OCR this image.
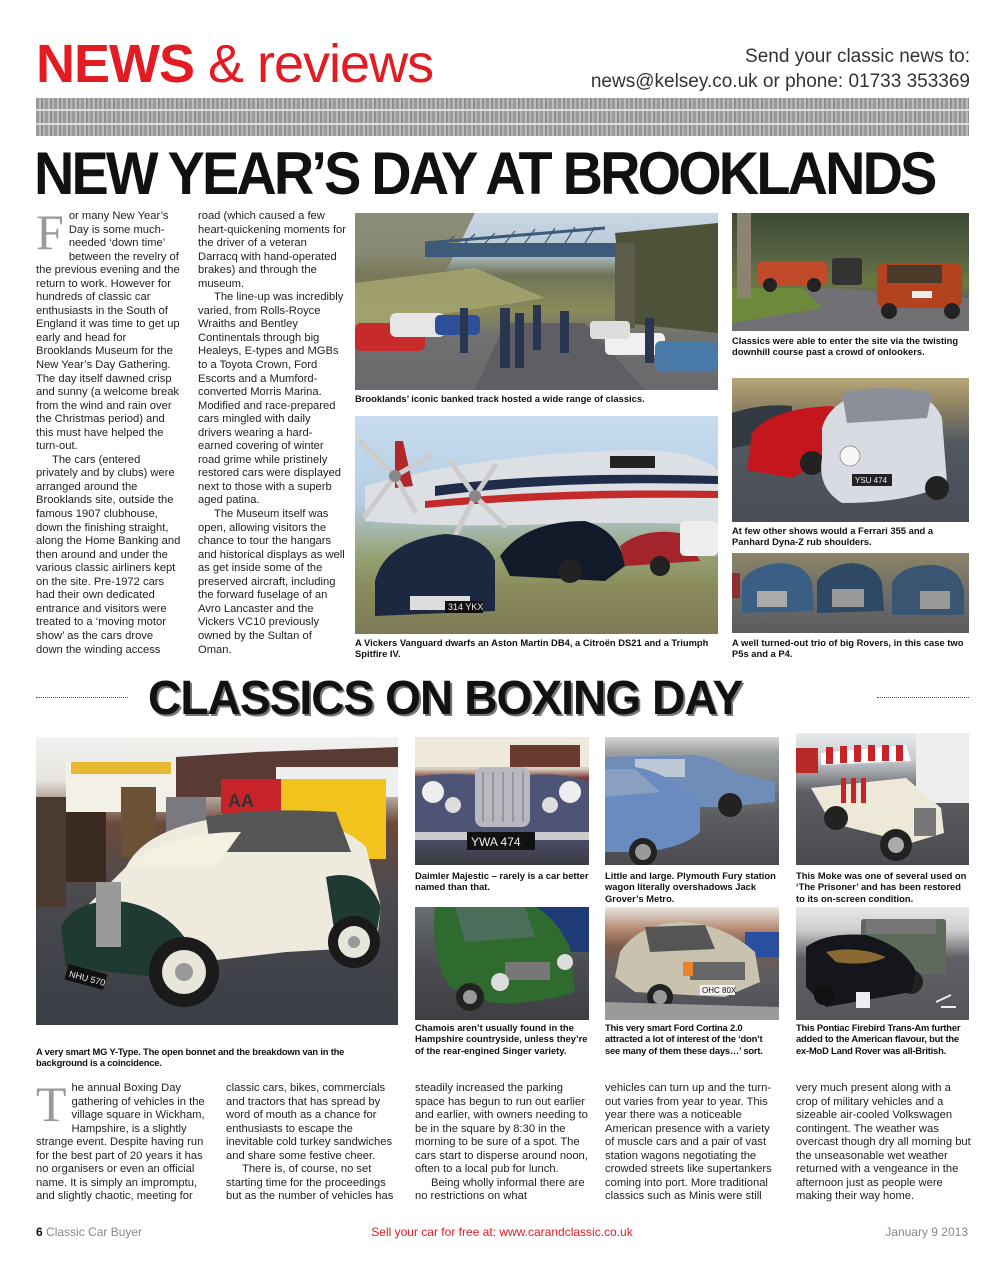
NEWS & reviews	Send your classic news to:
news@kelsey.co.uk or phone: 01733 353369
NEW YEAR’S DAY AT BROOKLANDS
F or many New Year’s Day is some much-needed ‘down time’ between the revelry of the previous evening and the return to work. However for hundreds of classic car enthusiasts in the South of England it was time to get up early and head for Brooklands Museum for the New Year’s Day Gathering. The day itself dawned crisp and sunny (a welcome break from the wind and rain over the Christmas period) and this must have helped the turn-out.

The cars (entered privately and by clubs) were arranged around the Brooklands site, outside the famous 1907 clubhouse, down the finishing straight, along the Home Banking and then around and under the various classic airliners kept on the site. Pre-1972 cars had their own dedicated entrance and visitors were treated to a ‘moving motor show’ as the cars drove down the winding access

road (which caused a few heart-quickening moments for the driver of a veteran Darracq with hand-operated brakes) and through the museum.

The line-up was incredibly varied, from Rolls-Royce Wraiths and Bentley Continentals through big Healeys, E-types and MGBs to a Toyota Crown, Ford Escorts and a Mumford-converted Morris Marina. Modified and race-prepared cars mingled with daily drivers wearing a hard-earned covering of winter road grime while pristinely restored cars were displayed next to those with a superb aged patina.

The Museum itself was open, allowing visitors the chance to tour the hangars and historical displays as well as get inside some of the preserved aircraft, including the forward fuselage of an Avro Lancaster and the Vickers VC10 previously owned by the Sultan of Oman.

Brooklands’ iconic banked track hosted a wide range of classics.
Classics were able to enter the site via the twisting downhill course past a crowd of onlookers.
314 YKX
A Vickers Vanguard dwarfs an Aston Martin DB4, a Citroën DS21 and a Triumph Spitfire IV.
YSU 474
At few other shows would a Ferrari 355 and a Panhard Dyna-Z rub shoulders.
A well turned-out trio of big Rovers, in this case two P5s and a P4.
CLASSICS ON BOXING DAY
AA
NHU 570
A very smart MG Y-Type. The open bonnet and the breakdown van in the background is a coincidence.
YWA 474
Daimler Majestic – rarely is a car better named than that.
Little and large. Plymouth Fury station wagon literally overshadows Jack Grover’s Metro.
This Moke was one of several used on ‘The Prisoner’ and has been restored to its on-screen condition.
Chamois aren’t usually found in the Hampshire countryside, unless they’re of the rear-engined Singer variety.
OHC 80X
This very smart Ford Cortina 2.0 attracted a lot of interest of the ‘don’t see many of them these days…’ sort.
This Pontiac Firebird Trans-Am further added to the American flavour, but the ex-MoD Land Rover was all-British.
T he annual Boxing Day gathering of vehicles in the village square in Wickham, Hampshire, is a slightly strange event. Despite having run for the best part of 20 years it has no organisers or even an official name. It is simply an impromptu, and slightly chaotic, meeting for

classic cars, bikes, commercials and tractors that has spread by word of mouth as a chance for enthusiasts to escape the inevitable cold turkey sandwiches and share some festive cheer.

There is, of course, no set starting time for the proceedings but as the number of vehicles has

steadily increased the parking space has begun to run out earlier and earlier, with owners needing to be in the square by 8:30 in the morning to be sure of a spot. The cars start to disperse around noon, often to a local pub for lunch.

Being wholly informal there are no restrictions on what

vehicles can turn up and the turn-out varies from year to year. This year there was a noticeable American presence with a variety of muscle cars and a pair of vast station wagons negotiating the crowded streets like supertankers coming into port. More traditional classics such as Minis were still

very much present along with a crop of military vehicles and a sizeable air-cooled Volkswagen contingent. The weather was overcast though dry all morning but the unseasonable wet weather returned with a vengeance in the afternoon just as people were making their way home.

6 Classic Car Buyer	Sell your car for free at: www.carandclassic.co.uk	January 9 2013
